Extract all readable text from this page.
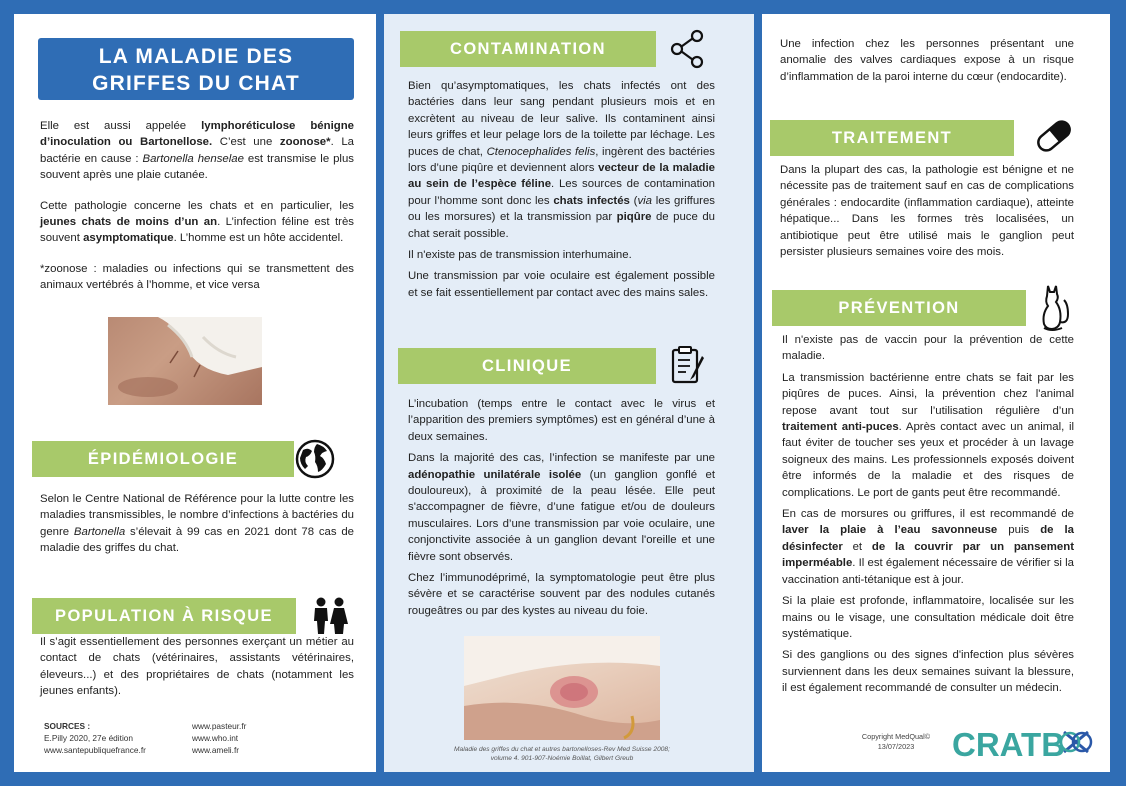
LA MALADIE DES
GRIFFES DU CHAT

Elle est aussi appelée lymphoréticulose bénigne d’inoculation ou Bartonellose. C’est une zoonose*. La bactérie en cause : Bartonella henselae est transmise le plus souvent après une plaie cutanée.

Cette pathologie concerne les chats et en particulier, les jeunes chats de moins d’un an. L’infection féline est très souvent asymptomatique. L’homme est un hôte accidentel.

*zoonose : maladies ou infections qui se transmettent des animaux vertébrés à l’homme, et vice versa

ÉPIDÉMIOLOGIE

Selon le Centre National de Référence pour la lutte contre les maladies transmissibles, le nombre d’infections à bactéries du genre Bartonella s’élevait à 99 cas en 2021 dont 78 cas de maladie des griffes du chat.

POPULATION À RISQUE

Il s’agit essentiellement des personnes exerçant un métier au contact de chats (vétérinaires, assistants vétérinaires, éleveurs...) et des propriétaires de chats (notamment les jeunes enfants).

SOURCES :
E.Pilly 2020, 27e édition
www.santepubliquefrance.fr
www.pasteur.fr
www.who.int
www.ameli.fr
CONTAMINATION

Bien qu’asymptomatiques, les chats infectés ont des bactéries dans leur sang pendant plusieurs mois et en excrètent au niveau de leur salive. Ils contaminent ainsi leurs griffes et leur pelage lors de la toilette par léchage. Les puces de chat, Ctenocephalides felis, ingèrent des bactéries lors d’une piqûre et deviennent alors vecteur de la maladie au sein de l’espèce féline. Les sources de contamination pour l’homme sont donc les chats infectés (via les griffures ou les morsures) et la transmission par piqûre de puce du chat serait possible.

Il n'existe pas de transmission interhumaine.

Une transmission par voie oculaire est également possible et se fait essentiellement par contact avec des mains sales.

CLINIQUE

L’incubation (temps entre le contact avec le virus et l’apparition des premiers symptômes) est en général d’une à deux semaines.

Dans la majorité des cas, l’infection se manifeste par une adénopathie unilatérale isolée (un ganglion gonflé et douloureux), à proximité de la peau lésée. Elle peut s'accompagner de fièvre, d’une fatigue et/ou de douleurs musculaires. Lors d’une transmission par voie oculaire, une conjonctivite associée à un ganglion devant l'oreille et une fièvre sont observés.

Chez l’immunodéprimé, la symptomatologie peut être plus sévère et se caractérise souvent par des nodules cutanés rougeâtres ou par des kystes au niveau du foie.

Maladie des griffes du chat et autres bartonelloses-Rev Med Suisse 2008;
volume 4. 901-907-Noémie Boillat, Gilbert Greub

Une infection chez les personnes présentant une anomalie des valves cardiaques expose à un risque d’inflammation de la paroi interne du cœur (endocardite).

TRAITEMENT

Dans la plupart des cas, la pathologie est bénigne et ne nécessite pas de traitement sauf en cas de complications générales : endocardite (inflammation cardiaque), atteinte hépatique... Dans les formes très localisées, un antibiotique peut être utilisé mais le ganglion peut persister plusieurs semaines voire des mois.

PRÉVENTION

Il n'existe pas de vaccin pour la prévention de cette maladie.

La transmission bactérienne entre chats se fait par les piqûres de puces. Ainsi, la prévention chez l'animal repose avant tout sur l’utilisation régulière d’un traitement anti-puces. Après contact avec un animal, il faut éviter de toucher ses yeux et procéder à un lavage soigneux des mains. Les professionnels exposés doivent être informés de la maladie et des risques de complications. Le port de gants peut être recommandé.

En cas de morsures ou griffures, il est recommandé de laver la plaie à l’eau savonneuse puis de la désinfecter et de la couvrir par un pansement imperméable. Il est également nécessaire de vérifier si la vaccination anti-tétanique est à jour.

Si la plaie est profonde, inflammatoire, localisée sur les mains ou le visage, une consultation médicale doit être systématique.

Si des ganglions ou des signes d'infection plus sévères surviennent dans les deux semaines suivant la blessure, il est également recommandé de consulter un médecin.

Copyright MedQual©
13/07/2023	CRATB
